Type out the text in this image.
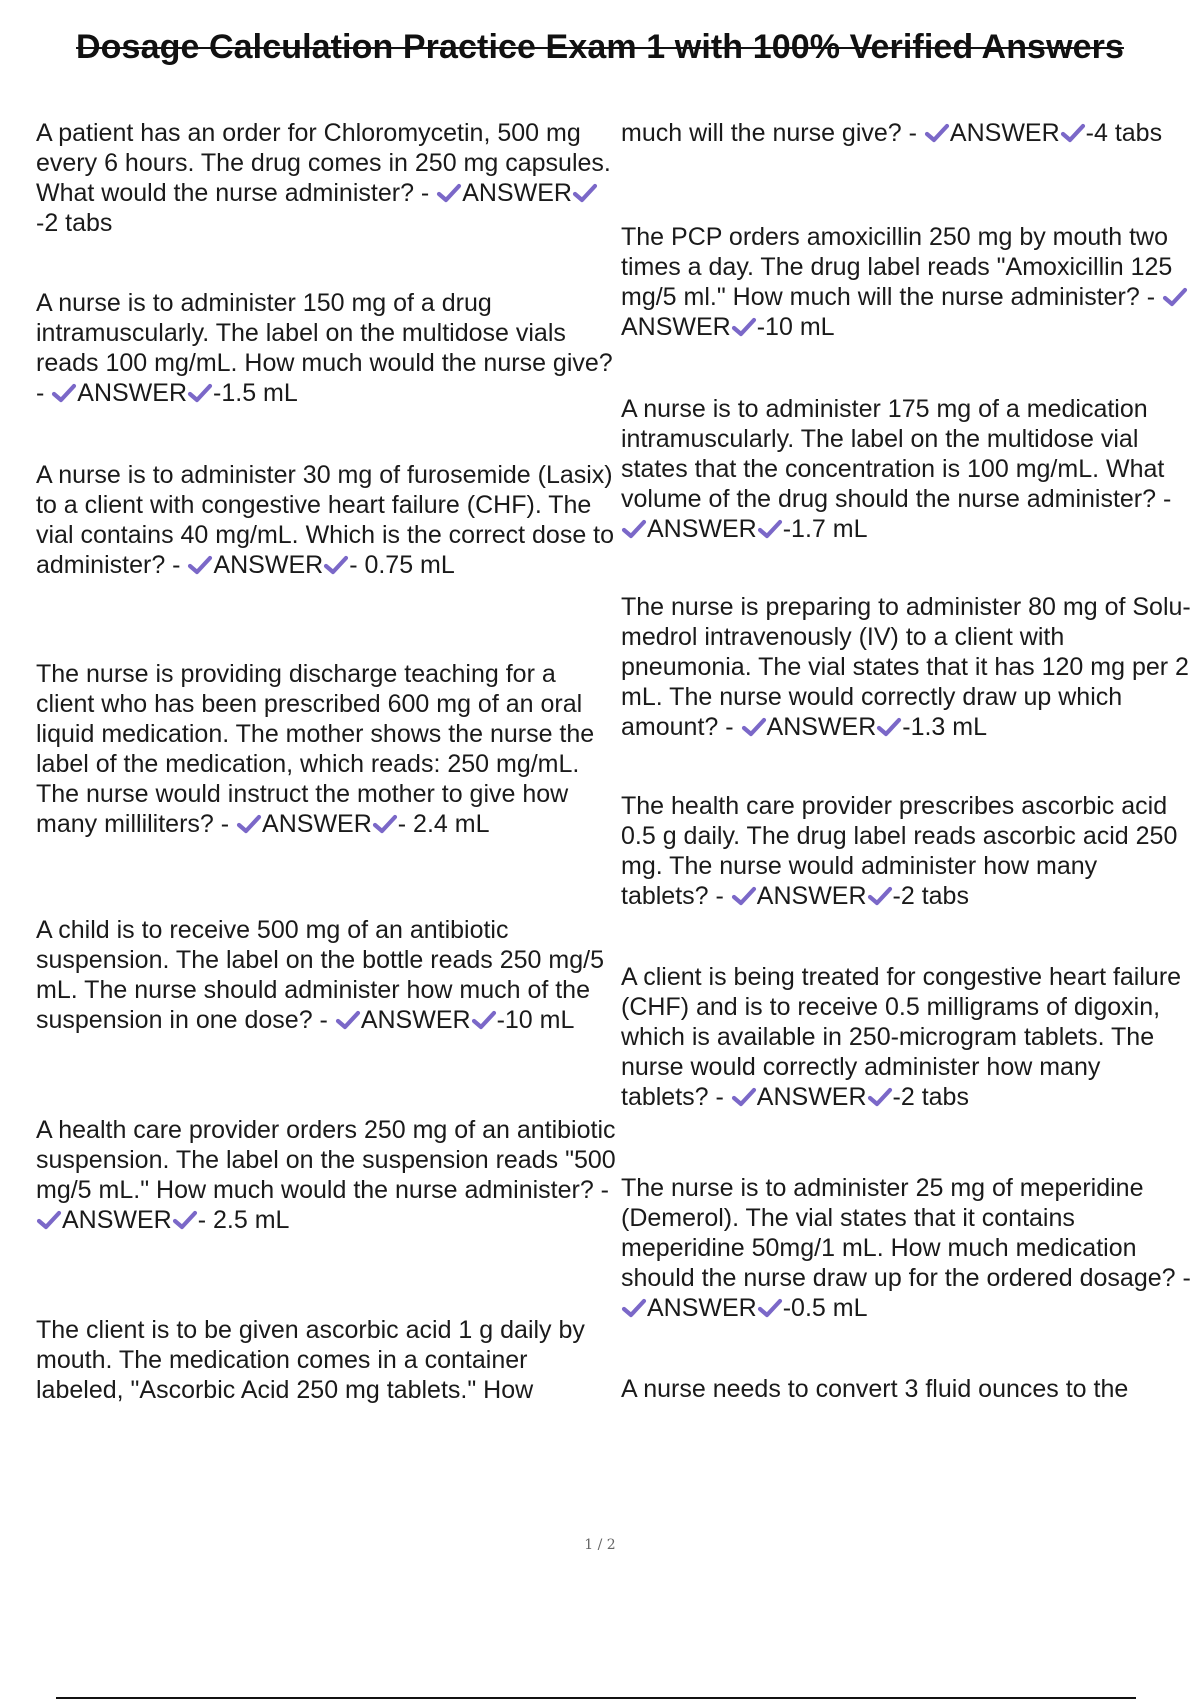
Dosage Calculation Practice Exam 1 with 100% Verified Answers

A patient has an order for Chloromycetin, 500 mg every 6 hours. The drug comes in 250 mg capsules. What would the nurse administer? - ANSWER
-2 tabs

A nurse is to administer 150 mg of a drug intramuscularly. The label on the multidose vials reads 100 mg/mL. How much would the nurse give? - ANSWER -1.5 mL

A nurse is to administer 30 mg of furosemide (Lasix) to a client with congestive heart failure (CHF). The vial contains 40 mg/mL. Which is the correct dose to administer? - ANSWER - 0.75 mL

The nurse is providing discharge teaching for a client who has been prescribed 600 mg of an oral liquid medication. The mother shows the nurse the label of the medication, which reads: 250 mg/mL. The nurse would instruct the mother to give how many milliliters? - ANSWER - 2.4 mL

A child is to receive 500 mg of an antibiotic suspension. The label on the bottle reads 250 mg/5 mL. The nurse should administer how much of the suspension in one dose? - ANSWER -10 mL

A health care provider orders 250 mg of an antibiotic suspension. The label on the suspension reads "500 mg/5 mL." How much would the nurse administer? -
ANSWER - 2.5 mL

The client is to be given ascorbic acid 1 g daily by mouth. The medication comes in a container labeled, "Ascorbic Acid 250 mg tablets." How

much will the nurse give? - ANSWER -4 tabs

The PCP orders amoxicillin 250 mg by mouth two times a day. The drug label reads "Amoxicillin 125 mg/5 ml." How much will the nurse administer? -
ANSWER -10 mL

A nurse is to administer 175 mg of a medication intramuscularly. The label on the multidose vial states that the concentration is 100 mg/mL. What volume of the drug should the nurse administer? -
ANSWER -1.7 mL

The nurse is preparing to administer 80 mg of Solu-medrol intravenously (IV) to a client with pneumonia. The vial states that it has 120 mg per 2 mL. The nurse would correctly draw up which amount? - ANSWER -1.3 mL

The health care provider prescribes ascorbic acid 0.5 g daily. The drug label reads ascorbic acid 250 mg. The nurse would administer how many tablets? - ANSWER -2 tabs

A client is being treated for congestive heart failure (CHF) and is to receive 0.5 milligrams of digoxin, which is available in 250-microgram tablets. The nurse would correctly administer how many tablets? - ANSWER -2 tabs

The nurse is to administer 25 mg of meperidine (Demerol). The vial states that it contains meperidine 50mg/1 mL. How much medication should the nurse draw up for the ordered dosage? -
ANSWER -0.5 mL

A nurse needs to convert 3 fluid ounces to the

1 / 2
